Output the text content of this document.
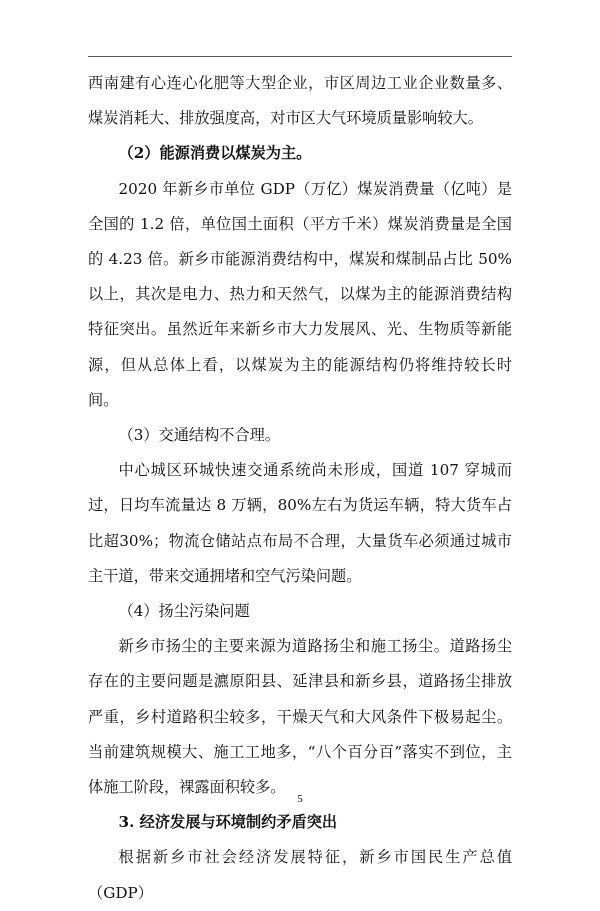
西南建有心连心化肥等大型企业，市区周边工业企业数量多、煤炭消耗大、排放强度高，对市区大气环境质量影响较大。

（2）能源消费以煤炭为主。

2020 年新乡市单位 GDP（万亿）煤炭消费量（亿吨）是全国的 1.2 倍，单位国土面积（平方千米）煤炭消费量是全国的 4.23 倍。新乡市能源消费结构中，煤炭和煤制品占比 50%以上，其次是电力、热力和天然气，以煤为主的能源消费结构特征突出。虽然近年来新乡市大力发展风、光、生物质等新能源，但从总体上看，以煤炭为主的能源结构仍将维持较长时间。

（3）交通结构不合理。

中心城区环城快速交通系统尚未形成，国道 107 穿城而过，日均车流量达 8 万辆，80%左右为货运车辆，特大货车占比超30%；物流仓储站点布局不合理，大量货车必须通过城市主干道，带来交通拥堵和空气污染问题。

（4）扬尘污染问题

新乡市扬尘的主要来源为道路扬尘和施工扬尘。道路扬尘存在的主要问题是瀌原阳县、延津县和新乡县，道路扬尘排放严重，乡村道路积尘较多，干燥天气和大风条件下极易起尘。当前建筑规模大、施工工地多，“八个百分百”落实不到位，主体施工阶段，裸露面积较多。

3. 经济发展与环境制约矛盾突出

根据新乡市社会经济发展特征，新乡市国民生产总值（GDP）

5
